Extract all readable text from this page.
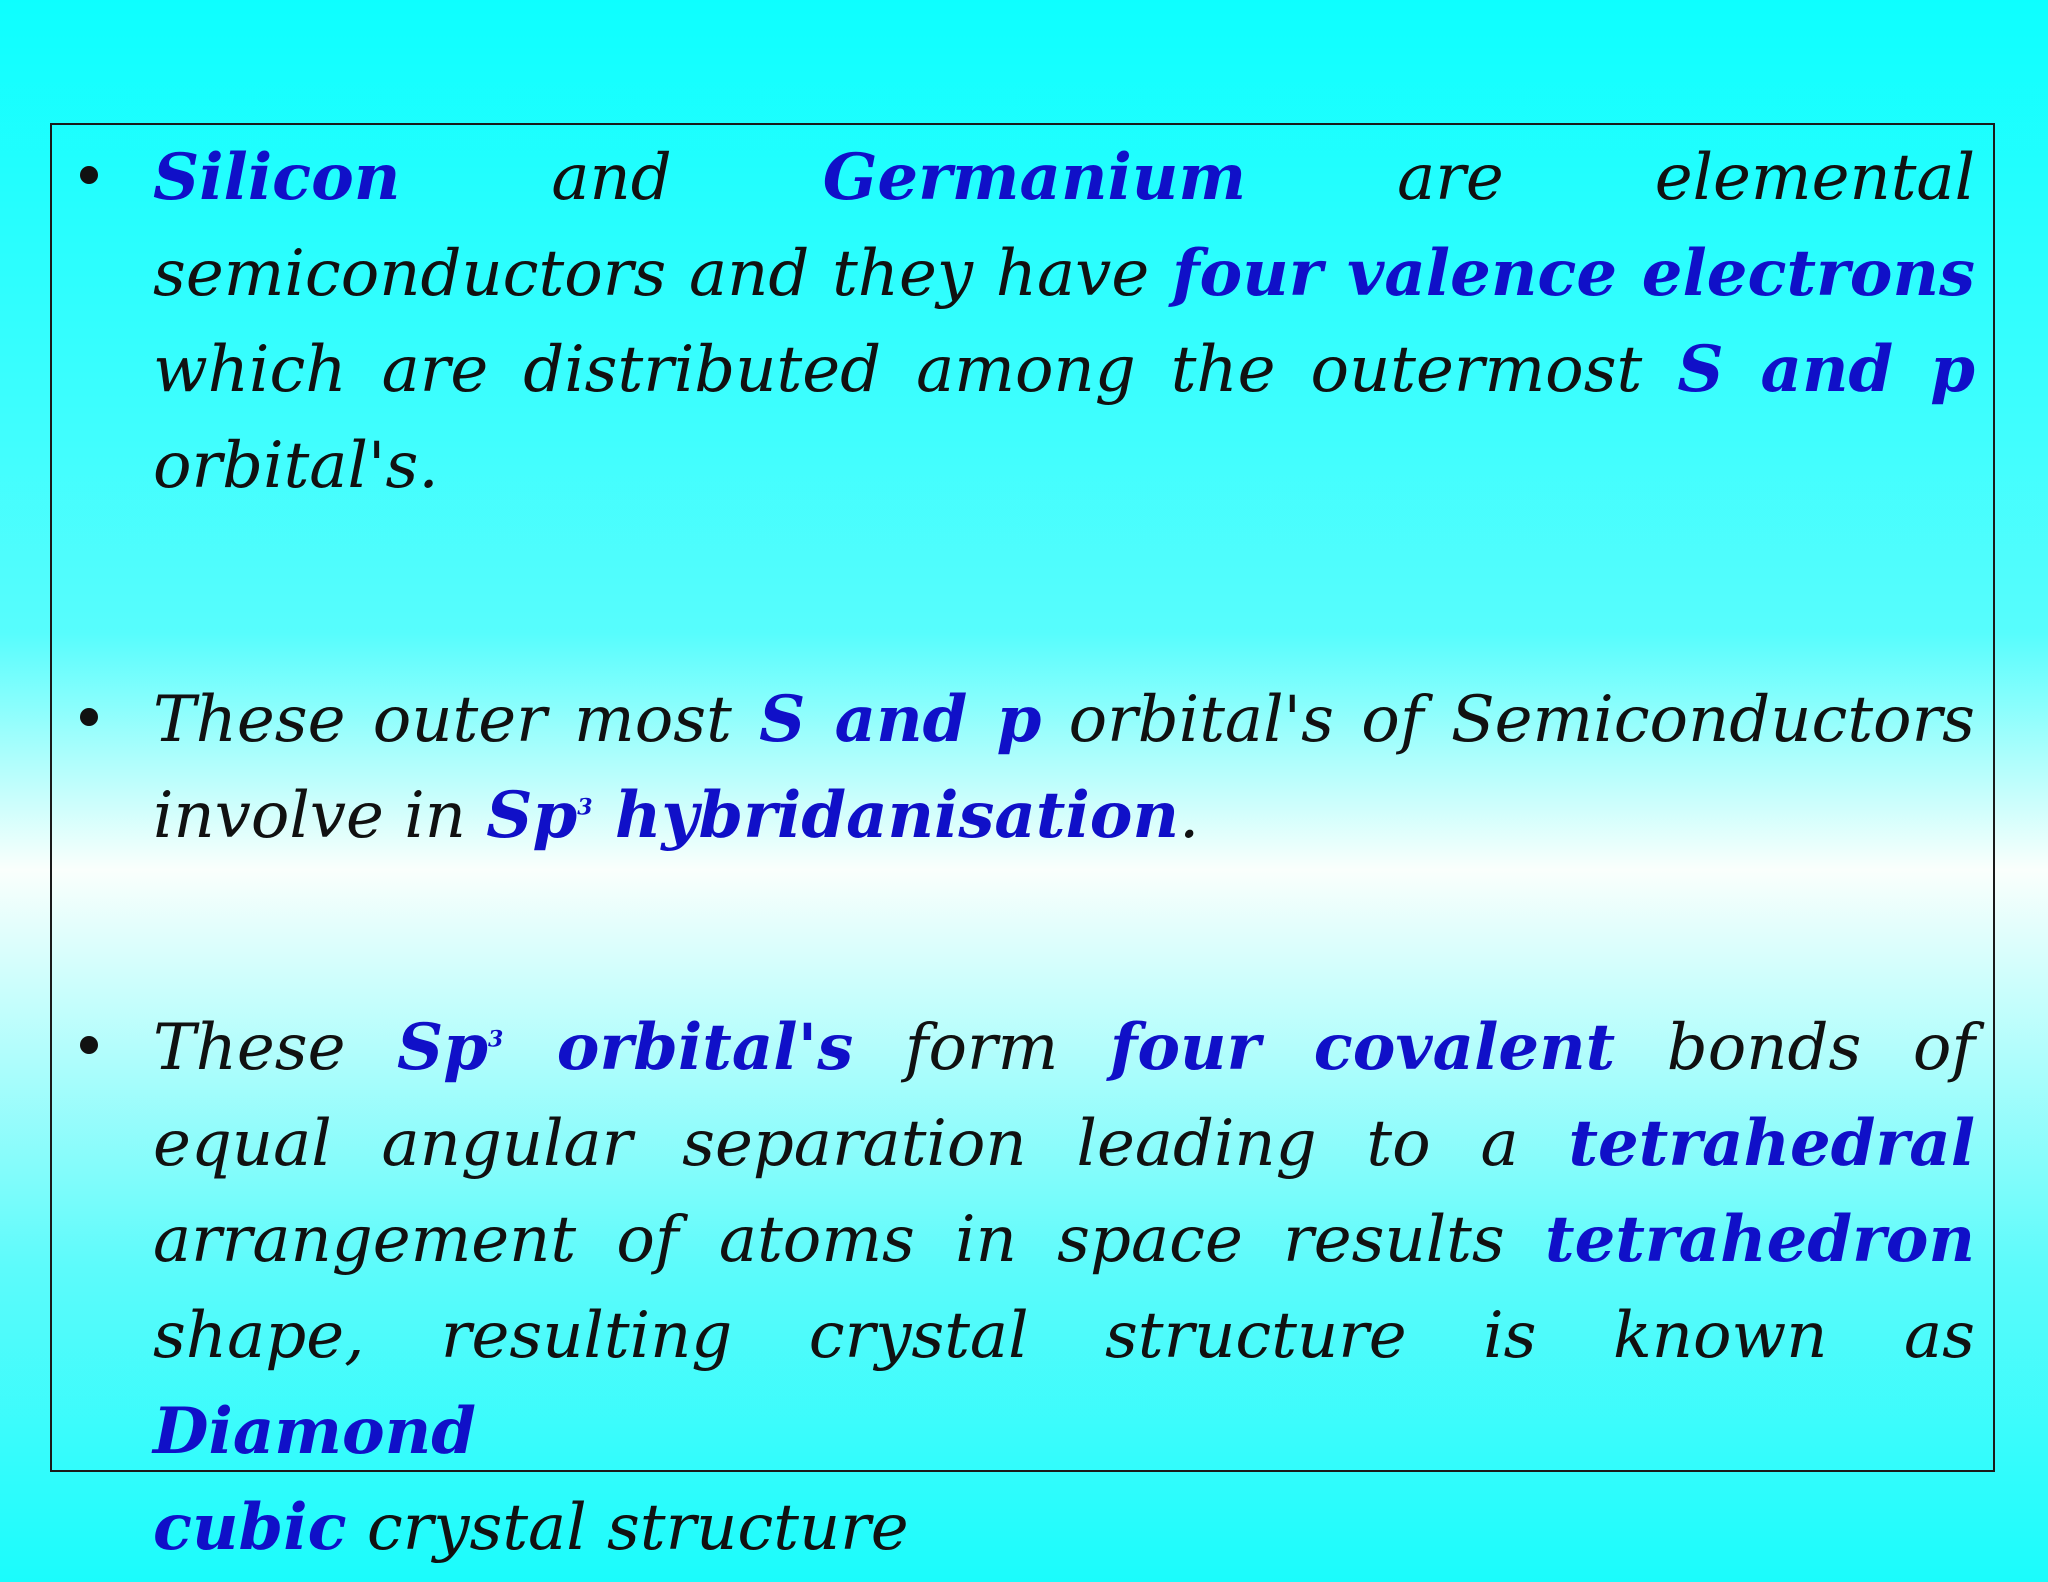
Silicon and Germanium are elemental
semiconductors and they have four valence electrons
which are distributed among the outermost S and p
orbital's.
These outer most S and p orbital's of Semiconductors
involve in Sp$^3$ hybridanisation.
These Sp$^3$ orbital's form four covalent bonds of
equal angular separation leading to a tetrahedral
arrangement of atoms in space results tetrahedron
shape, resulting crystal structure is known as Diamond
cubic crystal structure
